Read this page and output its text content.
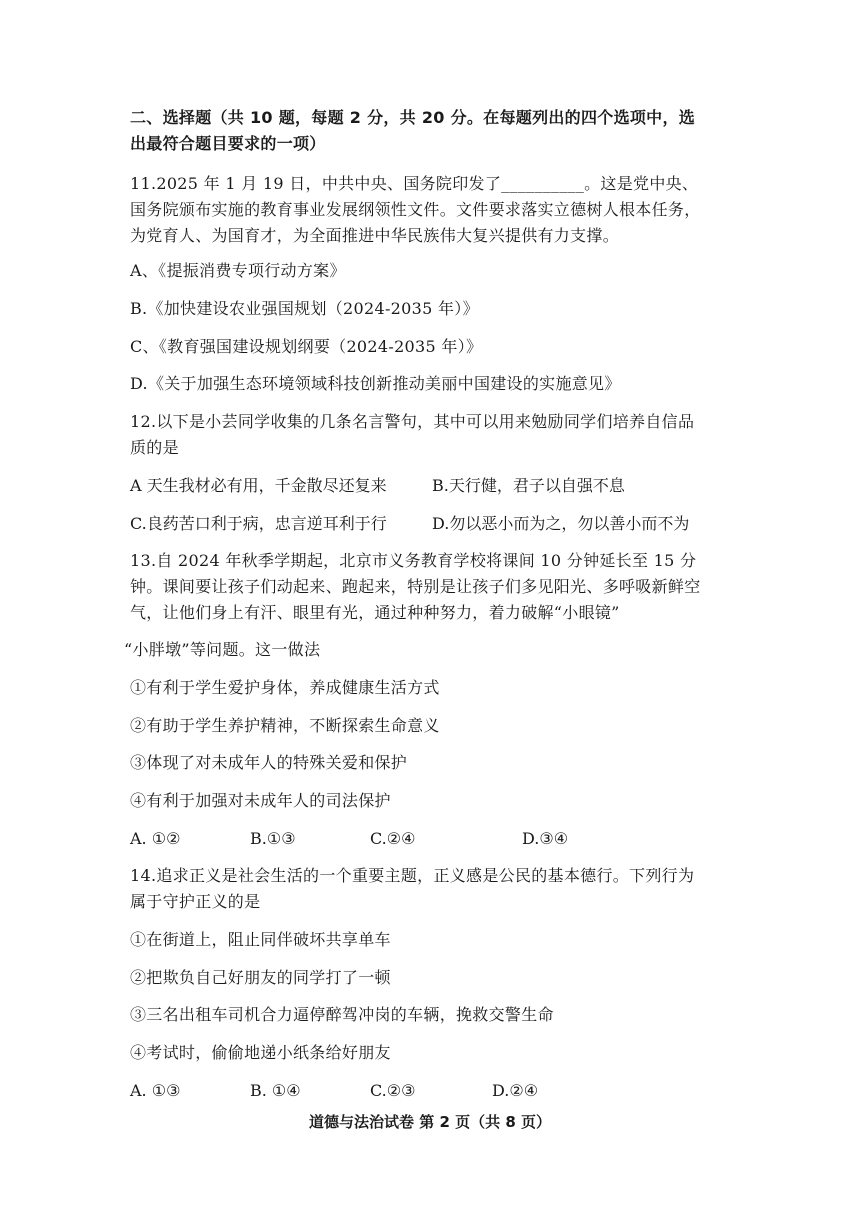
二、选择题（共 10 题，每题 2 分，共 20 分。在每题列出的四个选项中，选
出最符合题目要求的一项）
11.2025 年 1 月 19 日，中共中央、国务院印发了__________。这是党中央、
国务院颁布实施的教育事业发展纲领性文件。文件要求落实立德树人根本任务，
为党育人、为国育才，为全面推进中华民族伟大复兴提供有力支撑。
A、《提振消费专项行动方案》
B.《加快建设农业强国规划（2024-2035 年）》
C、《教育强国建设规划纲要（2024-2035 年）》
D.《关于加强生态环境领域科技创新推动美丽中国建设的实施意见》
12.以下是小芸同学收集的几条名言警句，其中可以用来勉励同学们培养自信品
质的是
A 天生我材必有用，千金散尽还复来	B.天行健，君子以自强不息
C.良药苦口利于病，忠言逆耳利于行	D.勿以恶小而为之，勿以善小而不为
13.自 2024 年秋季学期起，北京市义务教育学校将课间 10 分钟延长至 15 分
钟。课间要让孩子们动起来、跑起来，特别是让孩子们多见阳光、多呼吸新鲜空
气，让他们身上有汗、眼里有光，通过种种努力，着力破解“小眼镜”
“小胖墩”等问题。这一做法
①有利于学生爱护身体，养成健康生活方式
②有助于学生养护精神，不断探索生命意义
③体现了对未成年人的特殊关爱和保护
④有利于加强对未成年人的司法保护
A. ①②	B.①③	C.②④	D.③④
14.追求正义是社会生活的一个重要主题，正义感是公民的基本德行。下列行为
属于守护正义的是
①在街道上，阻止同伴破坏共享单车
②把欺负自己好朋友的同学打了一顿
③三名出租车司机合力逼停醉驾冲岗的车辆，挽救交警生命
④考试时，偷偷地递小纸条给好朋友
A. ①③	B. ①④	C.②③	D.②④
道德与法治试卷 第 2 页（共 8 页）
